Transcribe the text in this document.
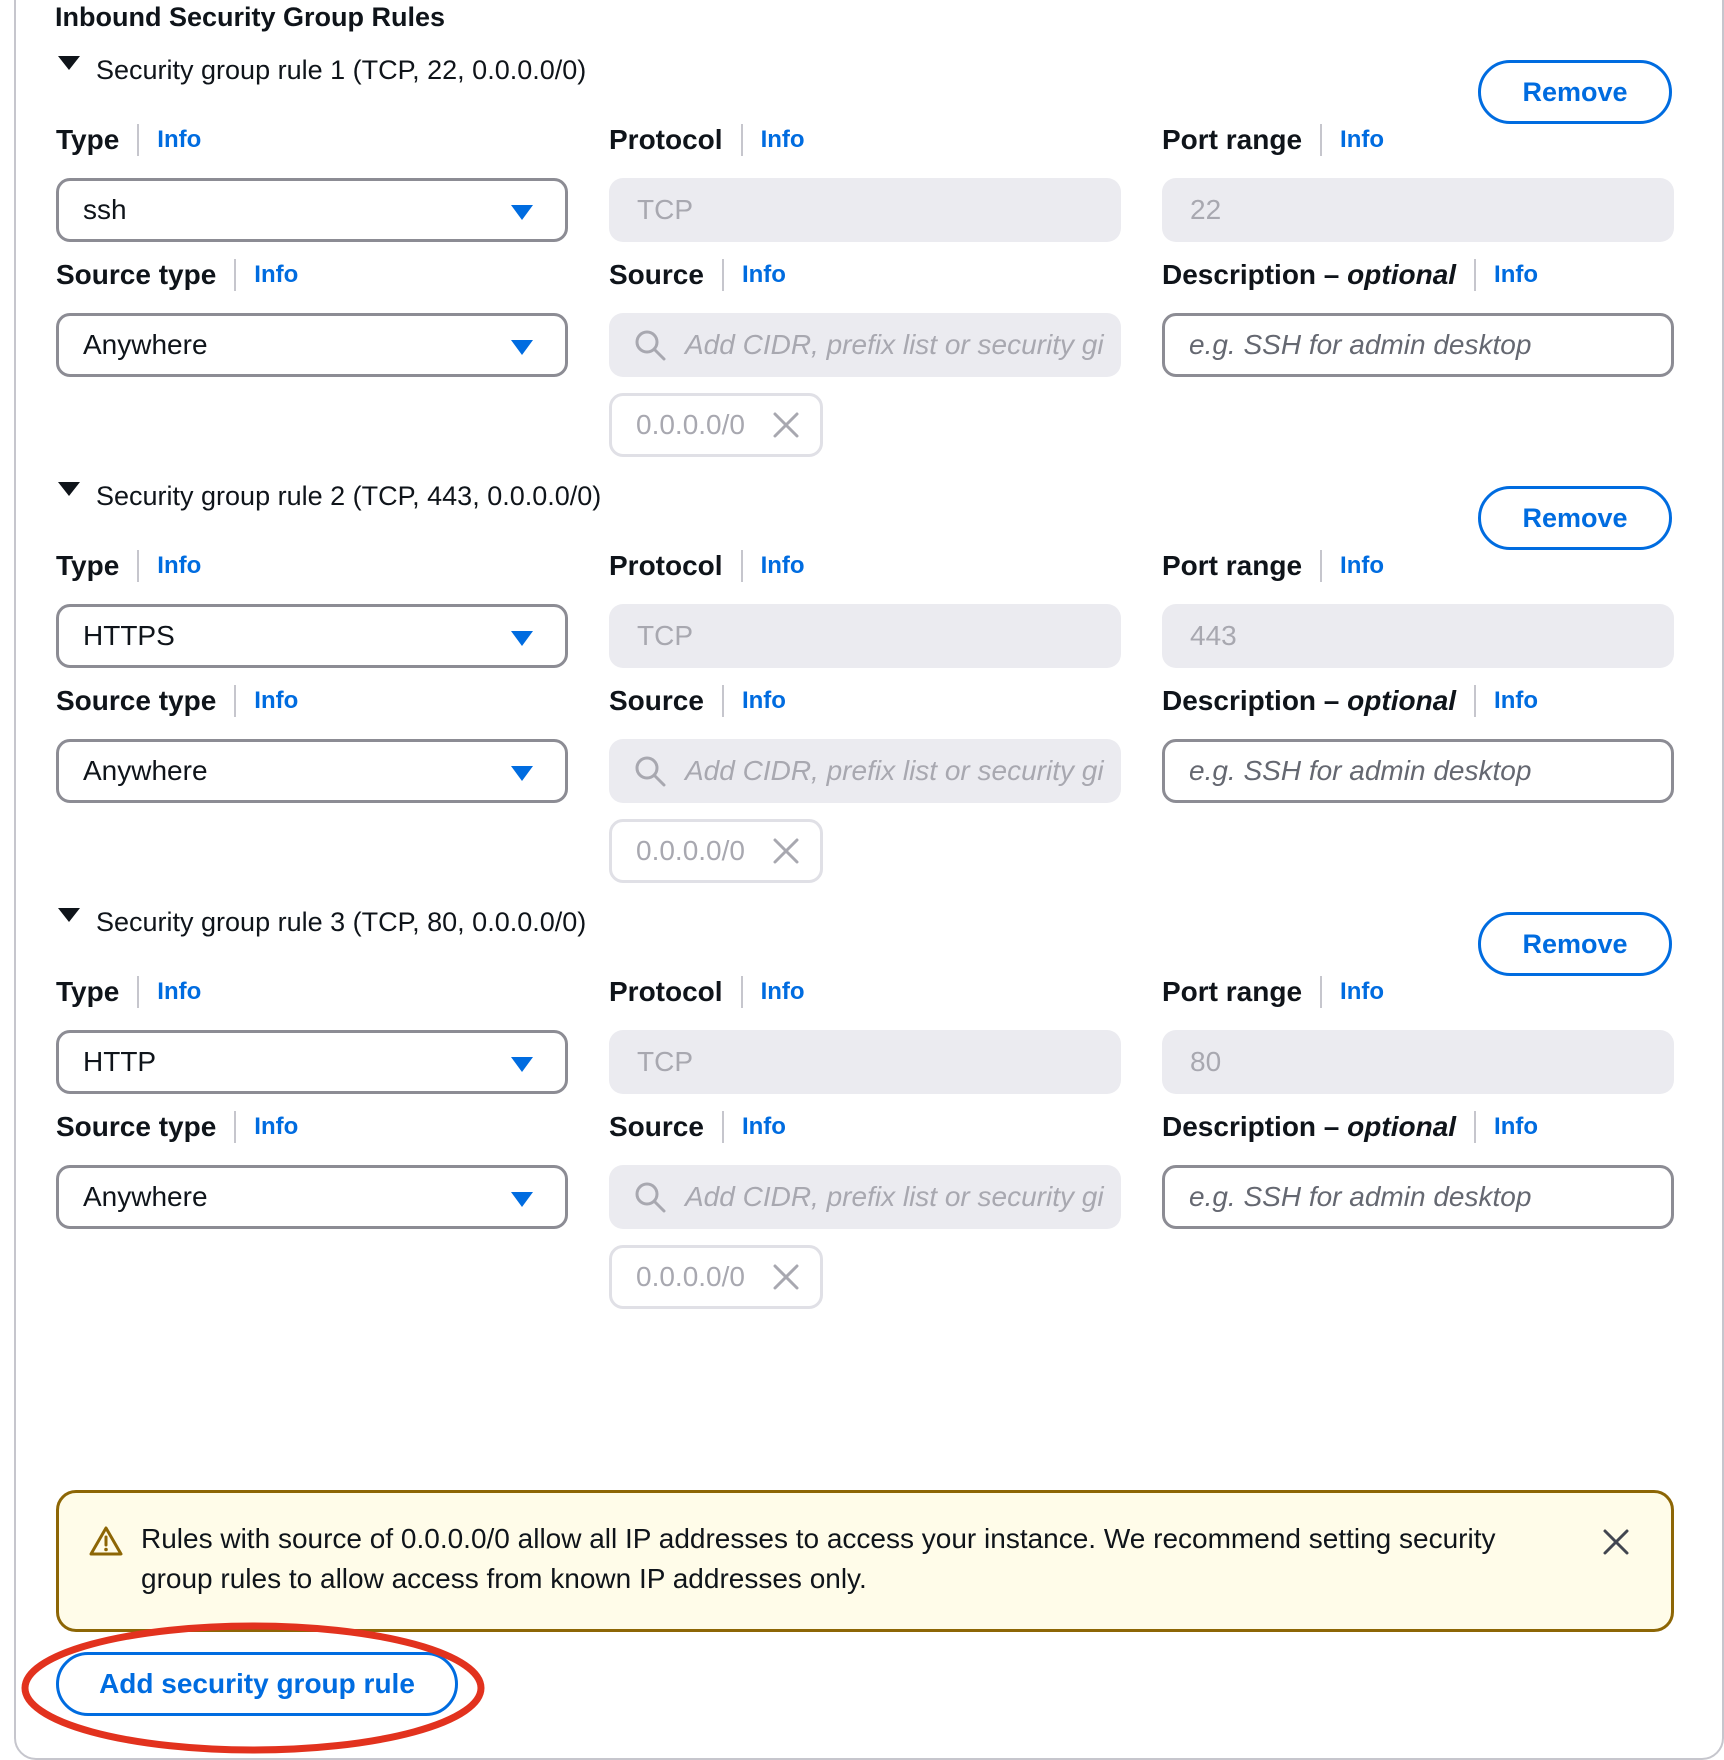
Inbound Security Group Rules
Security group rule 1 (TCP, 22, 0.0.0.0/0)
Remove
Type Info
ssh
Protocol Info
TCP
Port range Info
22
Source type Info
Anywhere
Source Info
Add CIDR, prefix list or security gi
0.0.0.0/0
Description – optional Info
e.g. SSH for admin desktop
Security group rule 2 (TCP, 443, 0.0.0.0/0)
Remove
Type Info
HTTPS
Protocol Info
TCP
Port range Info
443
Source type Info
Anywhere
Source Info
Add CIDR, prefix list or security gi
0.0.0.0/0
Description – optional Info
e.g. SSH for admin desktop
Security group rule 3 (TCP, 80, 0.0.0.0/0)
Remove
Type Info
HTTP
Protocol Info
TCP
Port range Info
80
Source type Info
Anywhere
Source Info
Add CIDR, prefix list or security gi
0.0.0.0/0
Description – optional Info
e.g. SSH for admin desktop
Rules with source of 0.0.0.0/0 allow all IP addresses to access your instance. We recommend setting security group rules to allow access from known IP addresses only.
Add security group rule
